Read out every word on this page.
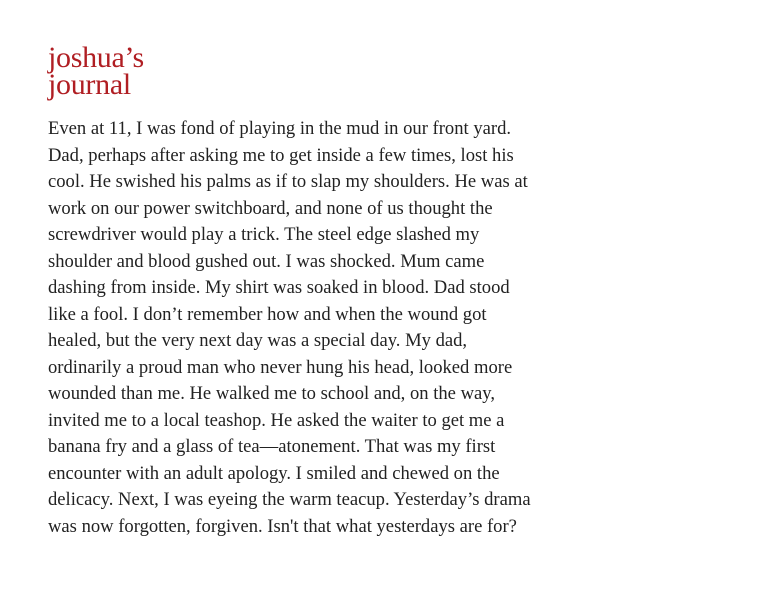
joshua’s
journal

Even at 11, I was fond of playing in the mud in our front yard.
Dad, perhaps after asking me to get inside a few times, lost his
cool. He swished his palms as if to slap my shoulders. He was at
work on our power switchboard, and none of us thought the
screwdriver would play a trick. The steel edge slashed my
shoulder and blood gushed out. I was shocked. Mum came
dashing from inside. My shirt was soaked in blood. Dad stood
like a fool. I don’t remember how and when the wound got
healed, but the very next day was a special day. My dad,
ordinarily a proud man who never hung his head, looked more
wounded than me. He walked me to school and, on the way,
invited me to a local teashop. He asked the waiter to get me a
banana fry and a glass of tea—atonement. That was my first
encounter with an adult apology. I smiled and chewed on the
delicacy. Next, I was eyeing the warm teacup. Yesterday’s drama
was now forgotten, forgiven. Isn't that what yesterdays are for?
